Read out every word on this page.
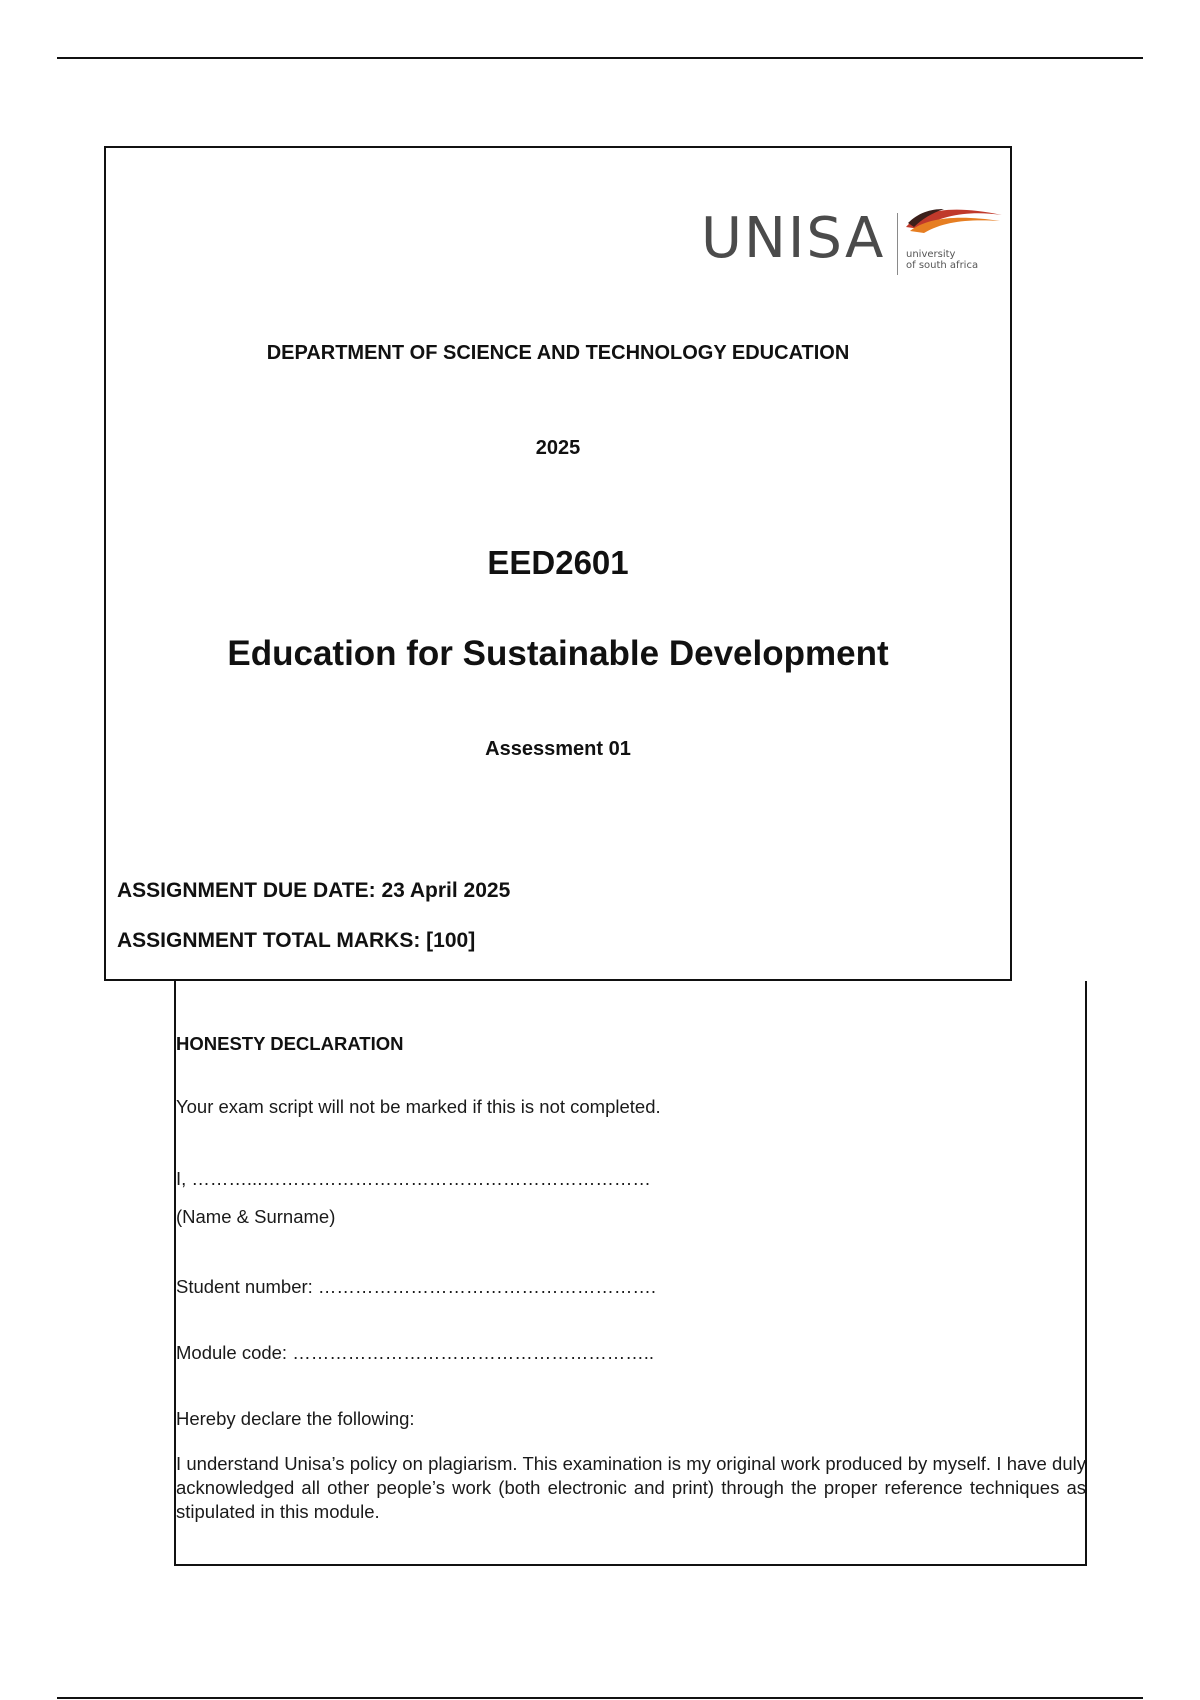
UNISA university
of south africa
DEPARTMENT OF SCIENCE AND TECHNOLOGY EDUCATION
2025
EED2601
Education for Sustainable Development
Assessment 01
ASSIGNMENT DUE DATE: 23 April 2025
ASSIGNMENT TOTAL MARKS: [100]
HONESTY DECLARATION
Your exam script will not be marked if this is not completed.
I, ………...………………………………………………………
(Name & Surname)
Student number: ……………………………………………….
Module code: …………………………………………………..
Hereby declare the following:
I understand Unisa’s policy on plagiarism. This examination is my original work produced by myself. I have duly acknowledged all other people’s work (both electronic and print) through the proper reference techniques as stipulated in this module.
